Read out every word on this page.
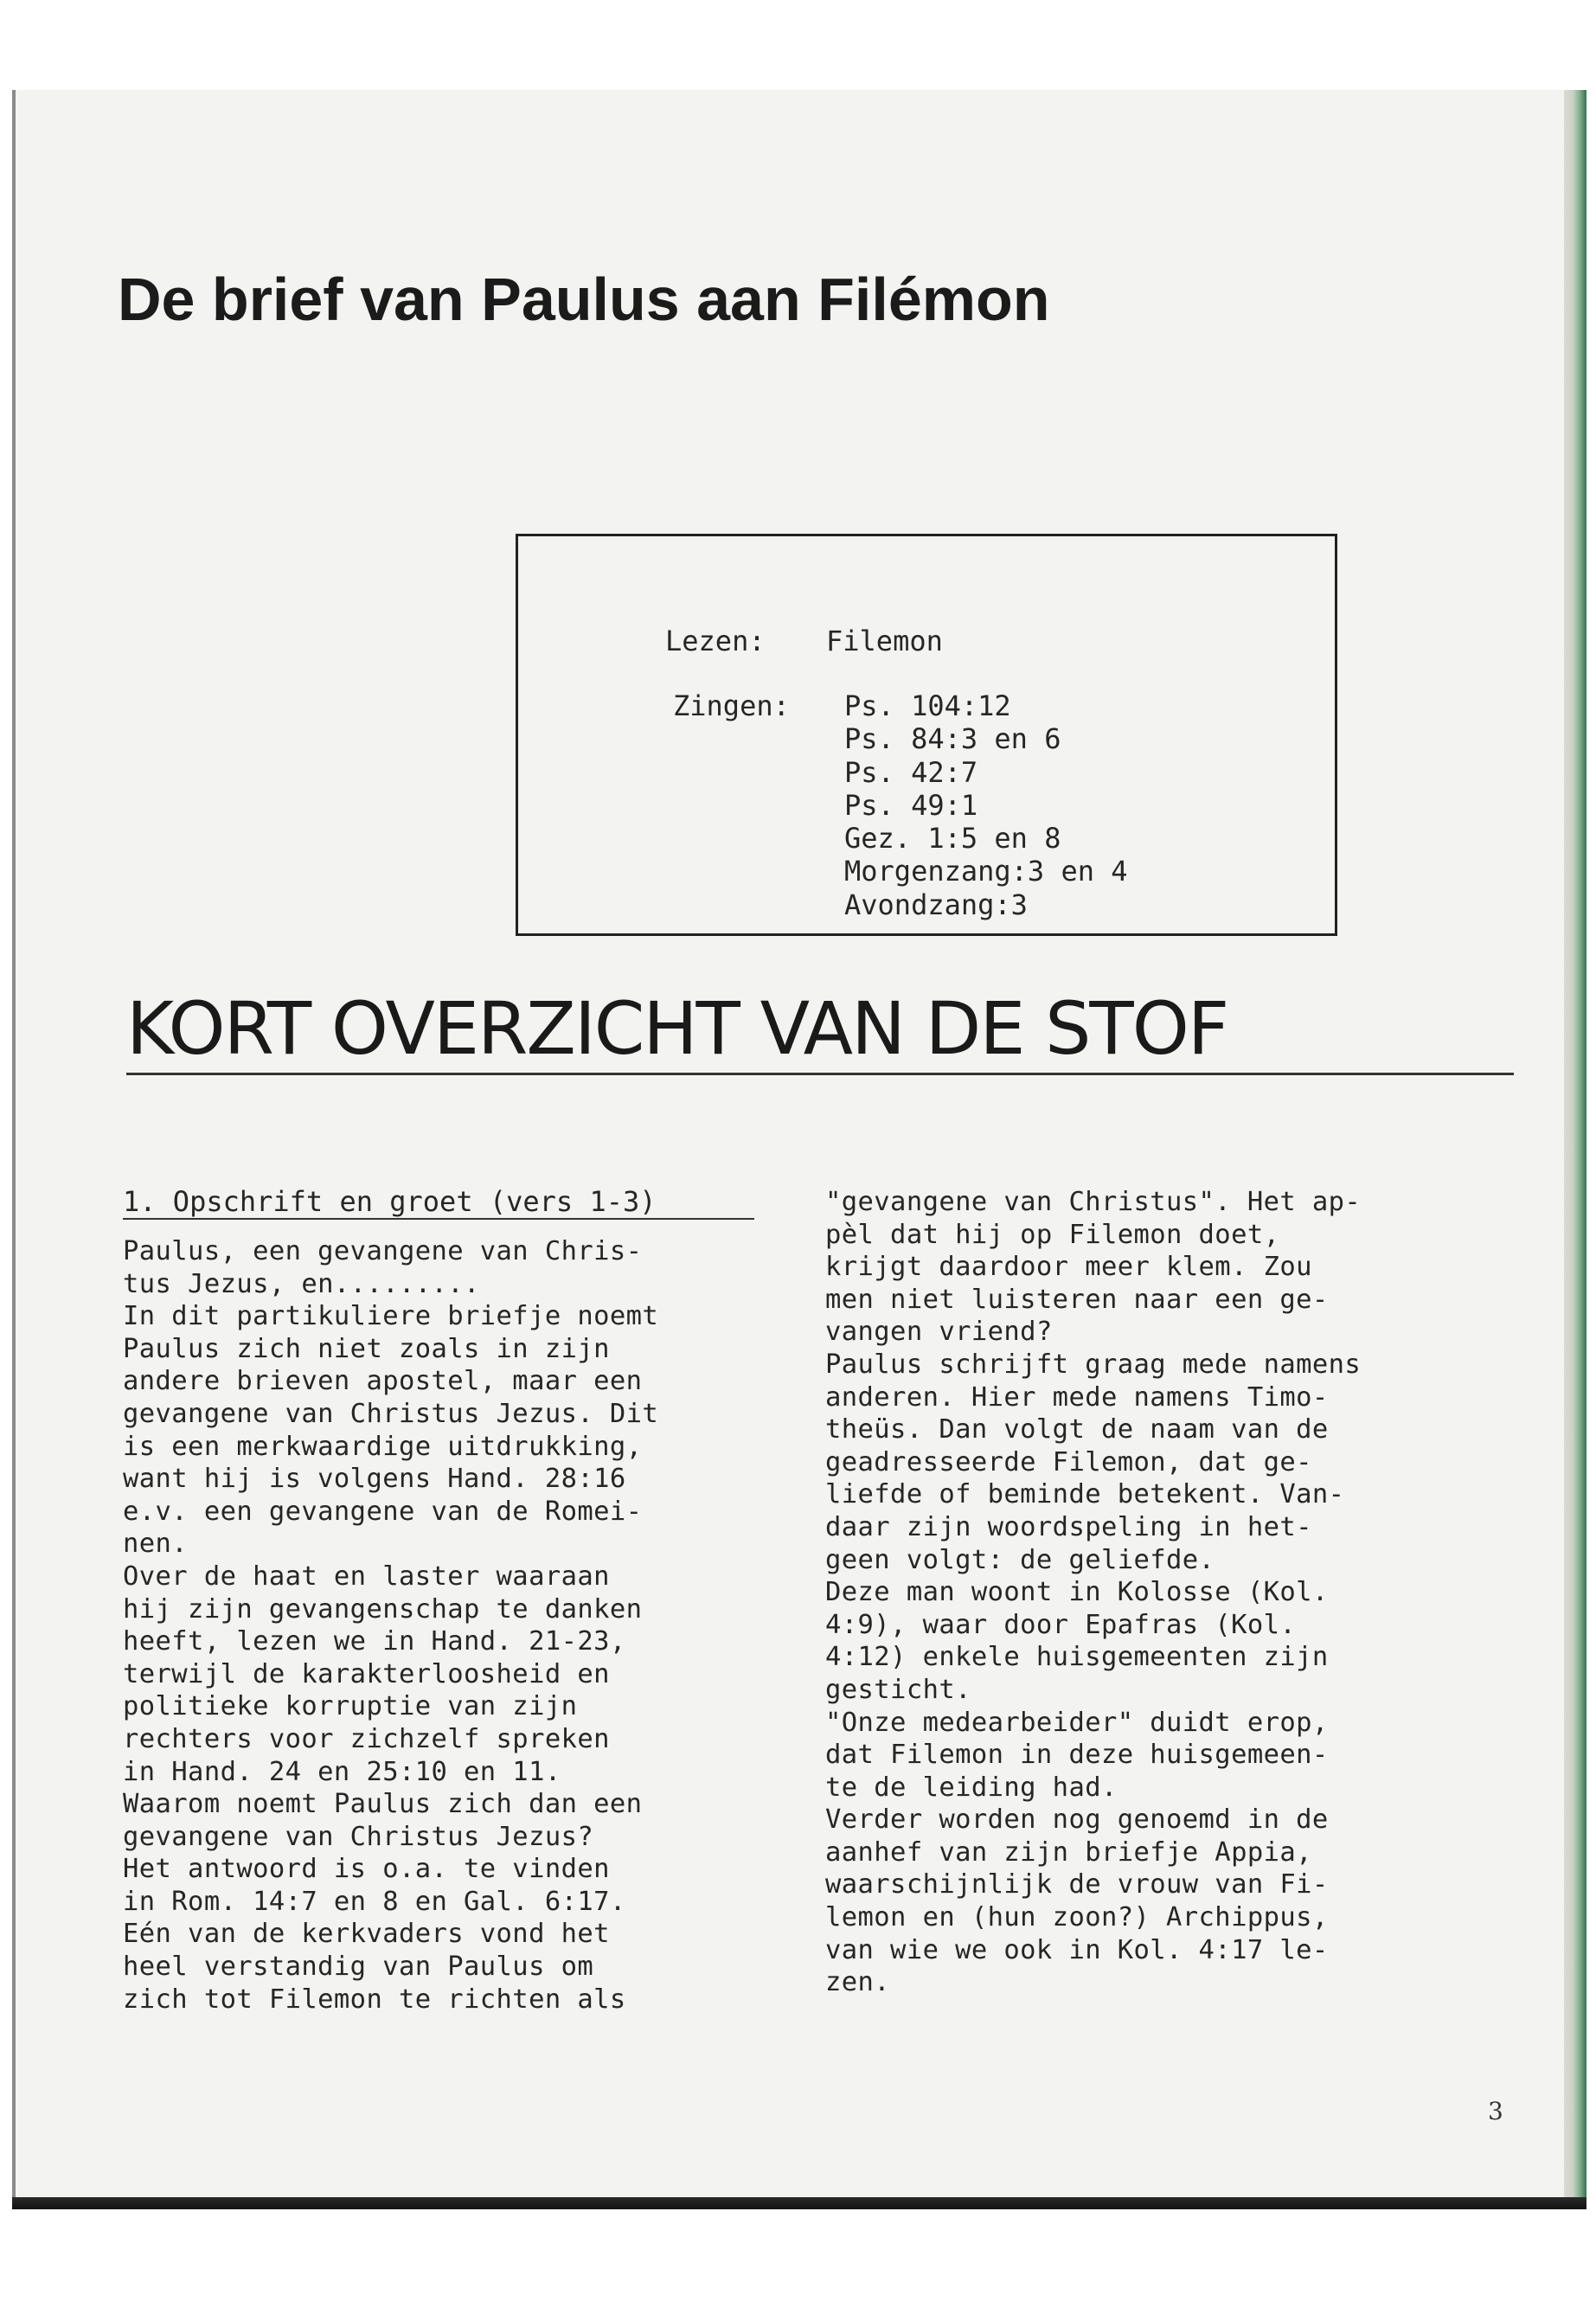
De brief van Paulus aan Filémon
Lezen: Filemon
Zingen: Ps. 104:12
Ps. 84:3 en 6
Ps. 42:7
Ps. 49:1
Gez. 1:5 en 8
Morgenzang:3 en 4
Avondzang:3
KORT OVERZICHT VAN DE STOF
1. Opschrift en groet (vers 1-3)

Paulus, een gevangene van Chris-
tus Jezus, en.........
In dit partikuliere briefje noemt
Paulus zich niet zoals in zijn
andere brieven apostel, maar een
gevangene van Christus Jezus. Dit
is een merkwaardige uitdrukking,
want hij is volgens Hand. 28:16
e.v. een gevangene van de Romei-
nen.
Over de haat en laster waaraan
hij zijn gevangenschap te danken
heeft, lezen we in Hand. 21-23,
terwijl de karakterloosheid en
politieke korruptie van zijn
rechters voor zichzelf spreken
in Hand. 24 en 25:10 en 11.
Waarom noemt Paulus zich dan een
gevangene van Christus Jezus?
Het antwoord is o.a. te vinden
in Rom. 14:7 en 8 en Gal. 6:17.
Eén van de kerkvaders vond het
heel verstandig van Paulus om
zich tot Filemon te richten als

"gevangene van Christus". Het ap-
pèl dat hij op Filemon doet,
krijgt daardoor meer klem. Zou
men niet luisteren naar een ge-
vangen vriend?
Paulus schrijft graag mede namens
anderen. Hier mede namens Timo-
theüs. Dan volgt de naam van de
geadresseerde Filemon, dat ge-
liefde of beminde betekent. Van-
daar zijn woordspeling in het-
geen volgt: de geliefde.
Deze man woont in Kolosse (Kol.
4:9), waar door Epafras (Kol.
4:12) enkele huisgemeenten zijn
gesticht.
"Onze medearbeider" duidt erop,
dat Filemon in deze huisgemeen-
te de leiding had.
Verder worden nog genoemd in de
aanhef van zijn briefje Appia,
waarschijnlijk de vrouw van Fi-
lemon en (hun zoon?) Archippus,
van wie we ook in Kol. 4:17 le-
zen.

3
